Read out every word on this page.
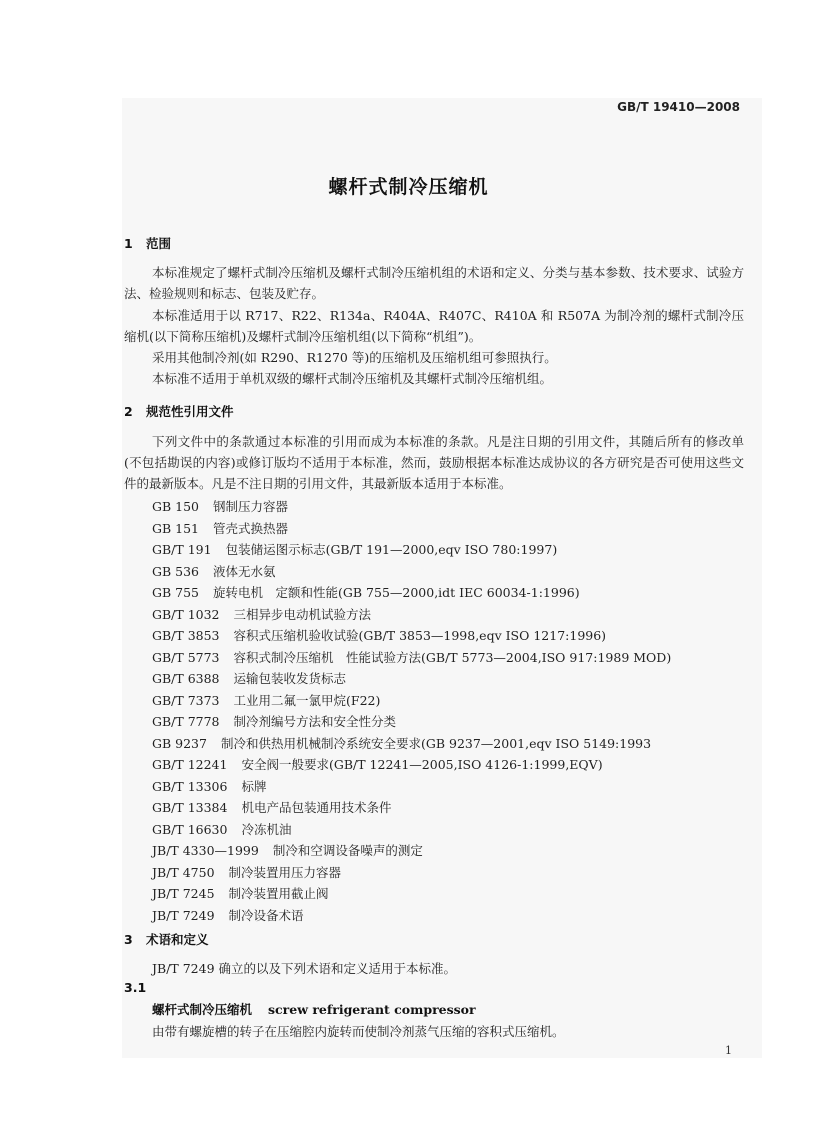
GB/T 19410—2008
螺杆式制冷压缩机
1 范围

本标准规定了螺杆式制冷压缩机及螺杆式制冷压缩机组的术语和定义、分类与基本参数、技术要求、试验方法、检验规则和标志、包装及贮存。

本标准适用于以 R717、R22、R134a、R404A、R407C、R410A 和 R507A 为制冷剂的螺杆式制冷压缩机(以下简称压缩机)及螺杆式制冷压缩机组(以下简称“机组”)。

采用其他制冷剂(如 R290、R1270 等)的压缩机及压缩机组可参照执行。

本标准不适用于单机双级的螺杆式制冷压缩机及其螺杆式制冷压缩机组。

2 规范性引用文件

下列文件中的条款通过本标准的引用而成为本标准的条款。凡是注日期的引用文件，其随后所有的修改单(不包括勘误的内容)或修订版均不适用于本标准，然而，鼓励根据本标准达成协议的各方研究是否可使用这些文件的最新版本。凡是不注日期的引用文件，其最新版本适用于本标准。

GB 150 钢制压力容器
GB 151 管壳式换热器
GB/T 191 包装储运图示标志(GB/T 191—2000,eqv ISO 780:1997)
GB 536 液体无水氨
GB 755 旋转电机　定额和性能(GB 755—2000,idt IEC 60034-1:1996)
GB/T 1032 三相异步电动机试验方法
GB/T 3853 容积式压缩机验收试验(GB/T 3853—1998,eqv ISO 1217:1996)
GB/T 5773 容积式制冷压缩机　性能试验方法(GB/T 5773—2004,ISO 917:1989 MOD)
GB/T 6388 运输包装收发货标志
GB/T 7373 工业用二氟一氯甲烷(F22)
GB/T 7778 制冷剂编号方法和安全性分类
GB 9237 制冷和供热用机械制冷系统安全要求(GB 9237—2001,eqv ISO 5149:1993
GB/T 12241 安全阀一般要求(GB/T 12241—2005,ISO 4126-1:1999,EQV)
GB/T 13306 标牌
GB/T 13384 机电产品包装通用技术条件
GB/T 16630 冷冻机油
JB/T 4330—1999 制冷和空调设备噪声的测定
JB/T 4750 制冷装置用压力容器
JB/T 7245 制冷装置用截止阀
JB/T 7249 制冷设备术语
3 术语和定义

JB/T 7249 确立的以及下列术语和定义适用于本标准。

3.1
螺杆式制冷压缩机 screw refrigerant compressor
由带有螺旋槽的转子在压缩腔内旋转而使制冷剂蒸气压缩的容积式压缩机。
1
